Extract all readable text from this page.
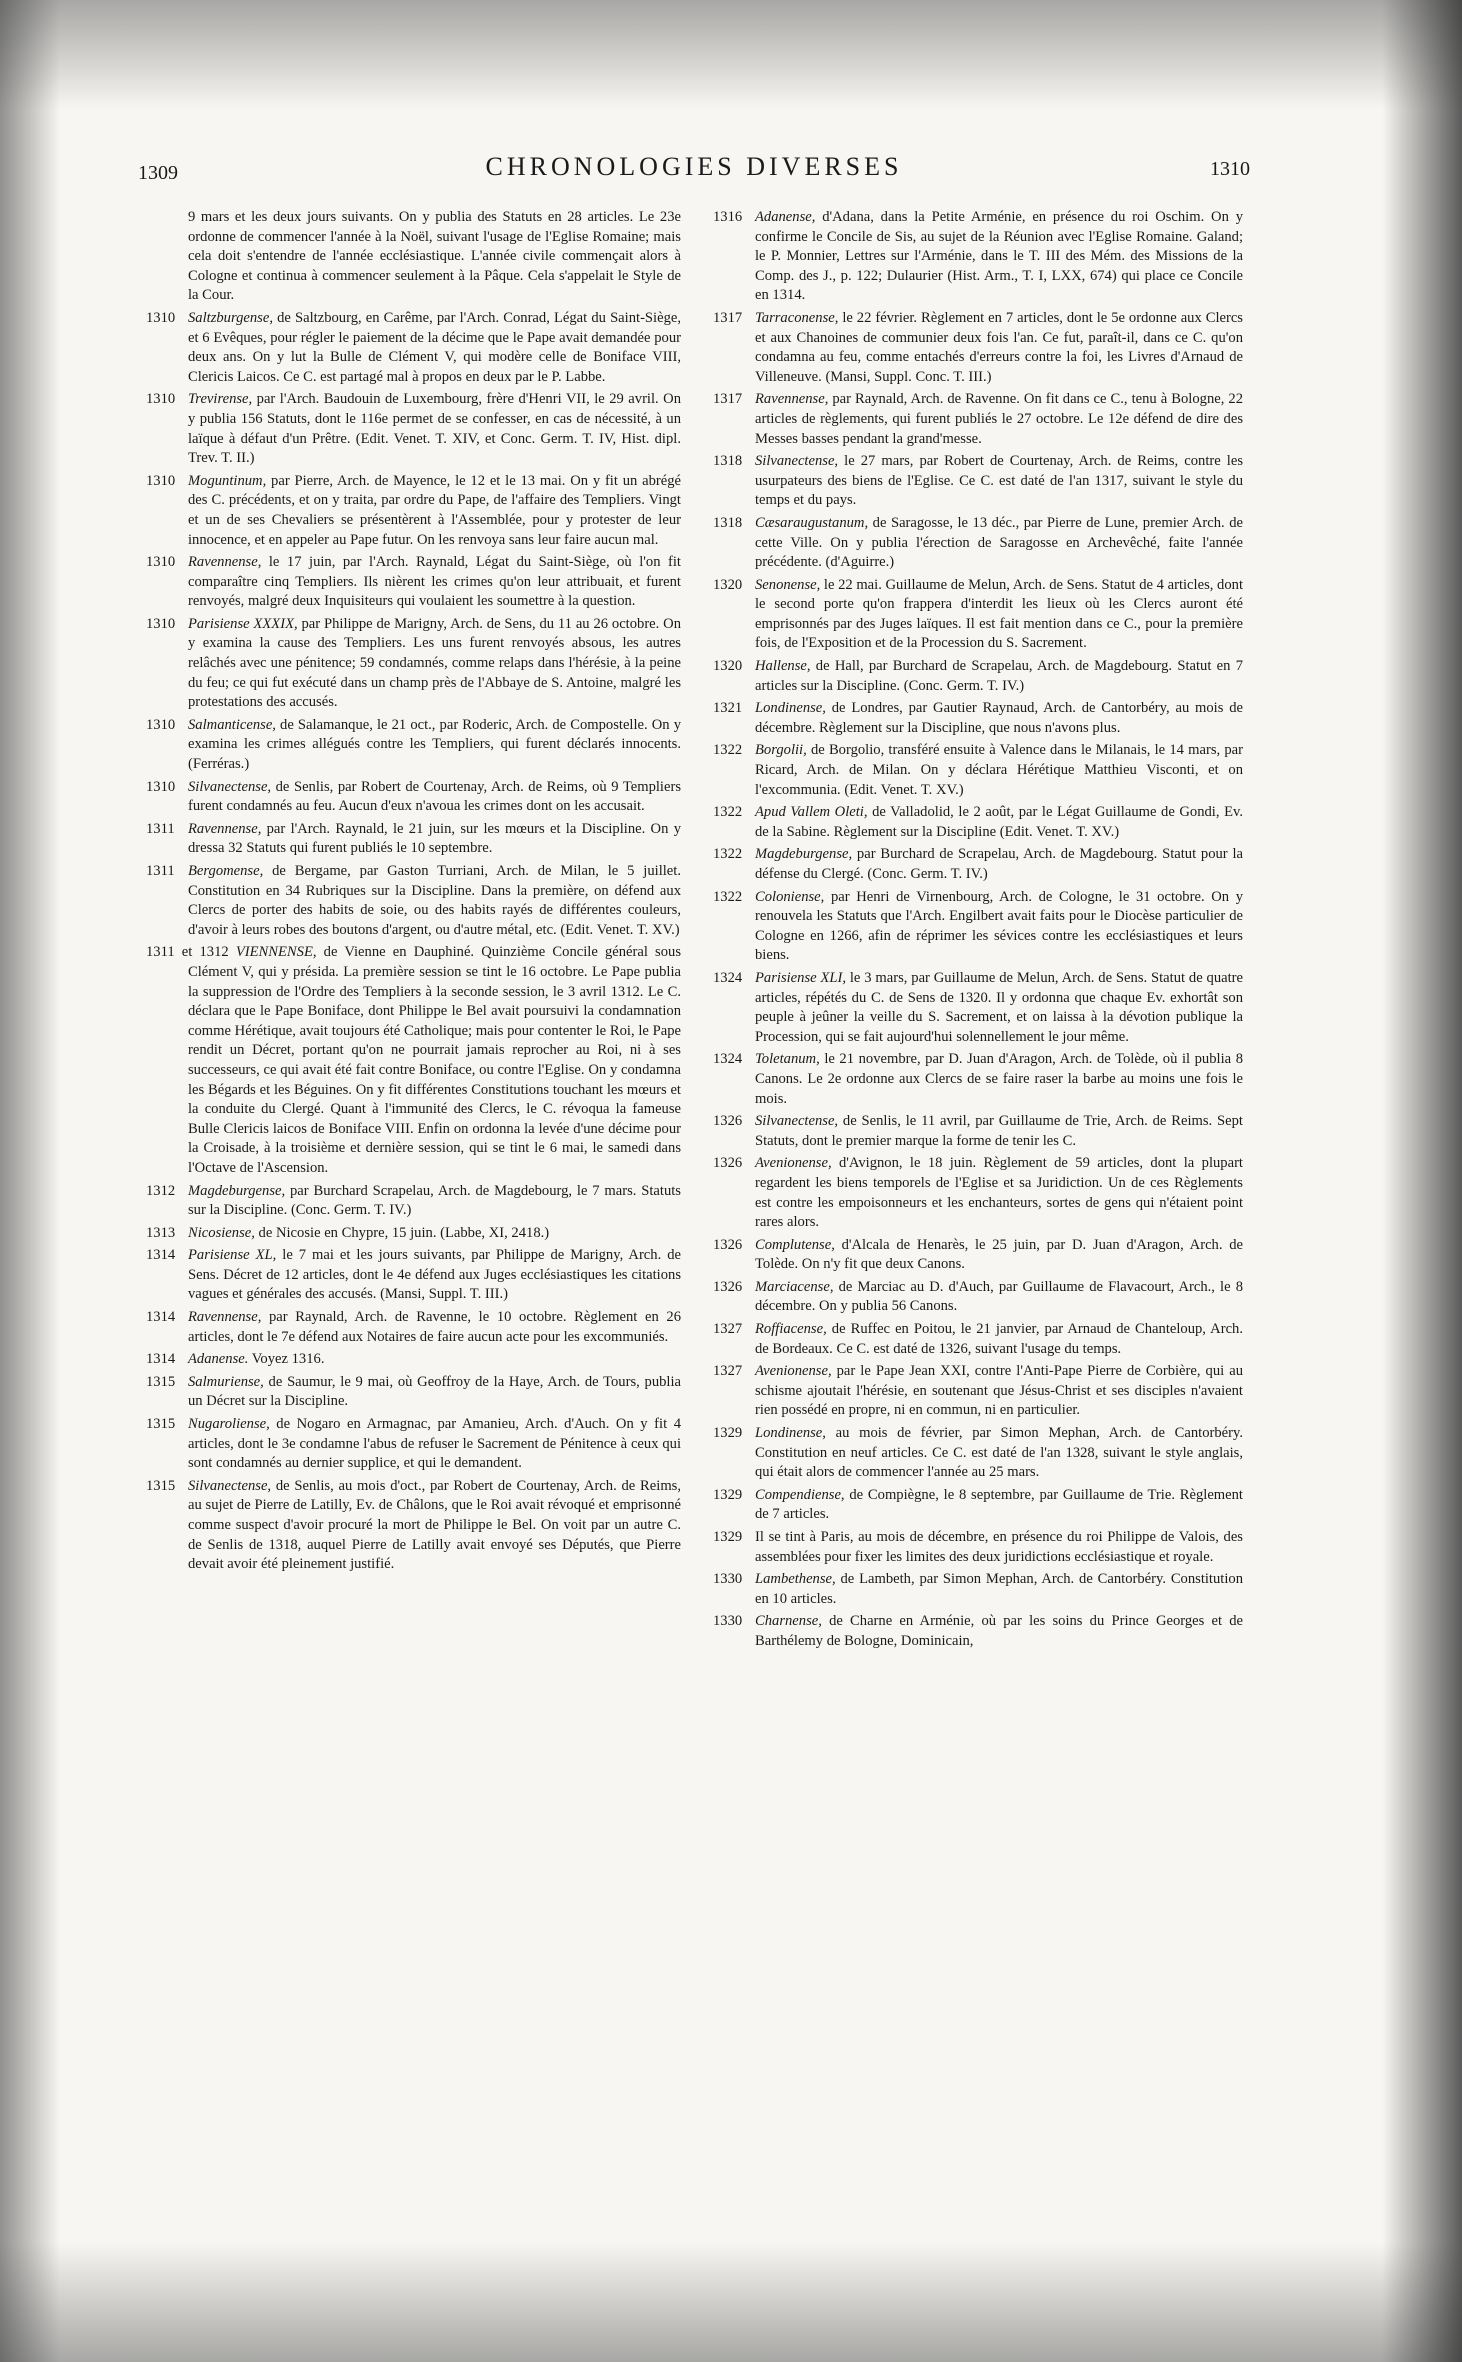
1309	CHRONOLOGIES DIVERSES	1310

9 mars et les deux jours suivants. On y publia des Statuts en 28 articles. Le 23e ordonne de commencer l'année à la Noël, suivant l'usage de l'Eglise Romaine; mais cela doit s'entendre de l'année ecclésiastique. L'année civile commençait alors à Cologne et continua à commencer seulement à la Pâque. Cela s'appelait le Style de la Cour.

1310 Saltzburgense, de Saltzbourg, en Carême, par l'Arch. Conrad, Légat du Saint-Siège, et 6 Evêques, pour régler le paiement de la décime que le Pape avait demandée pour deux ans. On y lut la Bulle de Clément V, qui modère celle de Boniface VIII, Clericis Laicos. Ce C. est partagé mal à propos en deux par le P. Labbe.

1310 Trevirense, par l'Arch. Baudouin de Luxembourg, frère d'Henri VII, le 29 avril. On y publia 156 Statuts, dont le 116e permet de se confesser, en cas de nécessité, à un laïque à défaut d'un Prêtre. (Edit. Venet. T. XIV, et Conc. Germ. T. IV, Hist. dipl. Trev. T. II.)

1310 Moguntinum, par Pierre, Arch. de Mayence, le 12 et le 13 mai. On y fit un abrégé des C. précédents, et on y traita, par ordre du Pape, de l'affaire des Templiers. Vingt et un de ses Chevaliers se présentèrent à l'Assemblée, pour y protester de leur innocence, et en appeler au Pape futur. On les renvoya sans leur faire aucun mal.

1310 Ravennense, le 17 juin, par l'Arch. Raynald, Légat du Saint-Siège, où l'on fit comparaître cinq Templiers. Ils nièrent les crimes qu'on leur attribuait, et furent renvoyés, malgré deux Inquisiteurs qui voulaient les soumettre à la question.

1310 Parisiense XXXIX, par Philippe de Marigny, Arch. de Sens, du 11 au 26 octobre. On y examina la cause des Templiers. Les uns furent renvoyés absous, les autres relâchés avec une pénitence; 59 condamnés, comme relaps dans l'hérésie, à la peine du feu; ce qui fut exécuté dans un champ près de l'Abbaye de S. Antoine, malgré les protestations des accusés.

1310 Salmanticense, de Salamanque, le 21 oct., par Roderic, Arch. de Compostelle. On y examina les crimes allégués contre les Templiers, qui furent déclarés innocents. (Ferréras.)

1310 Silvanectense, de Senlis, par Robert de Courtenay, Arch. de Reims, où 9 Templiers furent condamnés au feu. Aucun d'eux n'avoua les crimes dont on les accusait.

1311 Ravennense, par l'Arch. Raynald, le 21 juin, sur les mœurs et la Discipline. On y dressa 32 Statuts qui furent publiés le 10 septembre.

1311 Bergomense, de Bergame, par Gaston Turriani, Arch. de Milan, le 5 juillet. Constitution en 34 Rubriques sur la Discipline. Dans la première, on défend aux Clercs de porter des habits de soie, ou des habits rayés de différentes couleurs, d'avoir à leurs robes des boutons d'argent, ou d'autre métal, etc. (Edit. Venet. T. XV.)

1311 et 1312 VIENNENSE, de Vienne en Dauphiné. Quinzième Concile général sous Clément V, qui y présida. La première session se tint le 16 octobre. Le Pape publia la suppression de l'Ordre des Templiers à la seconde session, le 3 avril 1312. Le C. déclara que le Pape Boniface, dont Philippe le Bel avait poursuivi la condamnation comme Hérétique, avait toujours été Catholique; mais pour contenter le Roi, le Pape rendit un Décret, portant qu'on ne pourrait jamais reprocher au Roi, ni à ses successeurs, ce qui avait été fait contre Boniface, ou contre l'Eglise. On y condamna les Bégards et les Béguines. On y fit différentes Constitutions touchant les mœurs et la conduite du Clergé. Quant à l'immunité des Clercs, le C. révoqua la fameuse Bulle Clericis laicos de Boniface VIII. Enfin on ordonna la levée d'une décime pour la Croisade, à la troisième et dernière session, qui se tint le 6 mai, le samedi dans l'Octave de l'Ascension.

1312 Magdeburgense, par Burchard Scrapelau, Arch. de Magdebourg, le 7 mars. Statuts sur la Discipline. (Conc. Germ. T. IV.)

1313 Nicosiense, de Nicosie en Chypre, 15 juin. (Labbe, XI, 2418.)

1314 Parisiense XL, le 7 mai et les jours suivants, par Philippe de Marigny, Arch. de Sens. Décret de 12 articles, dont le 4e défend aux Juges ecclésiastiques les citations vagues et générales des accusés. (Mansi, Suppl. T. III.)

1314 Ravennense, par Raynald, Arch. de Ravenne, le 10 octobre. Règlement en 26 articles, dont le 7e défend aux Notaires de faire aucun acte pour les excommuniés.

1314 Adanense. Voyez 1316.

1315 Salmuriense, de Saumur, le 9 mai, où Geoffroy de la Haye, Arch. de Tours, publia un Décret sur la Discipline.

1315 Nugaroliense, de Nogaro en Armagnac, par Amanieu, Arch. d'Auch. On y fit 4 articles, dont le 3e condamne l'abus de refuser le Sacrement de Pénitence à ceux qui sont condamnés au dernier supplice, et qui le demandent.

1315 Silvanectense, de Senlis, au mois d'oct., par Robert de Courtenay, Arch. de Reims, au sujet de Pierre de Latilly, Ev. de Châlons, que le Roi avait révoqué et emprisonné comme suspect d'avoir procuré la mort de Philippe le Bel. On voit par un autre C. de Senlis de 1318, auquel Pierre de Latilly avait envoyé ses Députés, que Pierre devait avoir été pleinement justifié.

1316 Adanense, d'Adana, dans la Petite Arménie, en présence du roi Oschim. On y confirme le Concile de Sis, au sujet de la Réunion avec l'Eglise Romaine. Galand; le P. Monnier, Lettres sur l'Arménie, dans le T. III des Mém. des Missions de la Comp. des J., p. 122; Dulaurier (Hist. Arm., T. I, LXX, 674) qui place ce Concile en 1314.

1317 Tarraconense, le 22 février. Règlement en 7 articles, dont le 5e ordonne aux Clercs et aux Chanoines de communier deux fois l'an. Ce fut, paraît-il, dans ce C. qu'on condamna au feu, comme entachés d'erreurs contre la foi, les Livres d'Arnaud de Villeneuve. (Mansi, Suppl. Conc. T. III.)

1317 Ravennense, par Raynald, Arch. de Ravenne. On fit dans ce C., tenu à Bologne, 22 articles de règlements, qui furent publiés le 27 octobre. Le 12e défend de dire des Messes basses pendant la grand'messe.

1318 Silvanectense, le 27 mars, par Robert de Courtenay, Arch. de Reims, contre les usurpateurs des biens de l'Eglise. Ce C. est daté de l'an 1317, suivant le style du temps et du pays.

1318 Cæsaraugustanum, de Saragosse, le 13 déc., par Pierre de Lune, premier Arch. de cette Ville. On y publia l'érection de Saragosse en Archevêché, faite l'année précédente. (d'Aguirre.)

1320 Senonense, le 22 mai. Guillaume de Melun, Arch. de Sens. Statut de 4 articles, dont le second porte qu'on frappera d'interdit les lieux où les Clercs auront été emprisonnés par des Juges laïques. Il est fait mention dans ce C., pour la première fois, de l'Exposition et de la Procession du S. Sacrement.

1320 Hallense, de Hall, par Burchard de Scrapelau, Arch. de Magdebourg. Statut en 7 articles sur la Discipline. (Conc. Germ. T. IV.)

1321 Londinense, de Londres, par Gautier Raynaud, Arch. de Cantorbéry, au mois de décembre. Règlement sur la Discipline, que nous n'avons plus.

1322 Borgolii, de Borgolio, transféré ensuite à Valence dans le Milanais, le 14 mars, par Ricard, Arch. de Milan. On y déclara Hérétique Matthieu Visconti, et on l'excommunia. (Edit. Venet. T. XV.)

1322 Apud Vallem Oleti, de Valladolid, le 2 août, par le Légat Guillaume de Gondi, Ev. de la Sabine. Règlement sur la Discipline (Edit. Venet. T. XV.)

1322 Magdeburgense, par Burchard de Scrapelau, Arch. de Magdebourg. Statut pour la défense du Clergé. (Conc. Germ. T. IV.)

1322 Coloniense, par Henri de Virnenbourg, Arch. de Cologne, le 31 octobre. On y renouvela les Statuts que l'Arch. Engilbert avait faits pour le Diocèse particulier de Cologne en 1266, afin de réprimer les sévices contre les ecclésiastiques et leurs biens.

1324 Parisiense XLI, le 3 mars, par Guillaume de Melun, Arch. de Sens. Statut de quatre articles, répétés du C. de Sens de 1320. Il y ordonna que chaque Ev. exhortât son peuple à jeûner la veille du S. Sacrement, et on laissa à la dévotion publique la Procession, qui se fait aujourd'hui solennellement le jour même.

1324 Toletanum, le 21 novembre, par D. Juan d'Aragon, Arch. de Tolède, où il publia 8 Canons. Le 2e ordonne aux Clercs de se faire raser la barbe au moins une fois le mois.

1326 Silvanectense, de Senlis, le 11 avril, par Guillaume de Trie, Arch. de Reims. Sept Statuts, dont le premier marque la forme de tenir les C.

1326 Avenionense, d'Avignon, le 18 juin. Règlement de 59 articles, dont la plupart regardent les biens temporels de l'Eglise et sa Juridiction. Un de ces Règlements est contre les empoisonneurs et les enchanteurs, sortes de gens qui n'étaient point rares alors.

1326 Complutense, d'Alcala de Henarès, le 25 juin, par D. Juan d'Aragon, Arch. de Tolède. On n'y fit que deux Canons.

1326 Marciacense, de Marciac au D. d'Auch, par Guillaume de Flavacourt, Arch., le 8 décembre. On y publia 56 Canons.

1327 Roffiacense, de Ruffec en Poitou, le 21 janvier, par Arnaud de Chanteloup, Arch. de Bordeaux. Ce C. est daté de 1326, suivant l'usage du temps.

1327 Avenionense, par le Pape Jean XXI, contre l'Anti-Pape Pierre de Corbière, qui au schisme ajoutait l'hérésie, en soutenant que Jésus-Christ et ses disciples n'avaient rien possédé en propre, ni en commun, ni en particulier.

1329 Londinense, au mois de février, par Simon Mephan, Arch. de Cantorbéry. Constitution en neuf articles. Ce C. est daté de l'an 1328, suivant le style anglais, qui était alors de commencer l'année au 25 mars.

1329 Compendiense, de Compiègne, le 8 septembre, par Guillaume de Trie. Règlement de 7 articles.

1329 Il se tint à Paris, au mois de décembre, en présence du roi Philippe de Valois, des assemblées pour fixer les limites des deux juridictions ecclésiastique et royale.

1330 Lambethense, de Lambeth, par Simon Mephan, Arch. de Cantorbéry. Constitution en 10 articles.

1330 Charnense, de Charne en Arménie, où par les soins du Prince Georges et de Barthélemy de Bologne, Dominicain,
